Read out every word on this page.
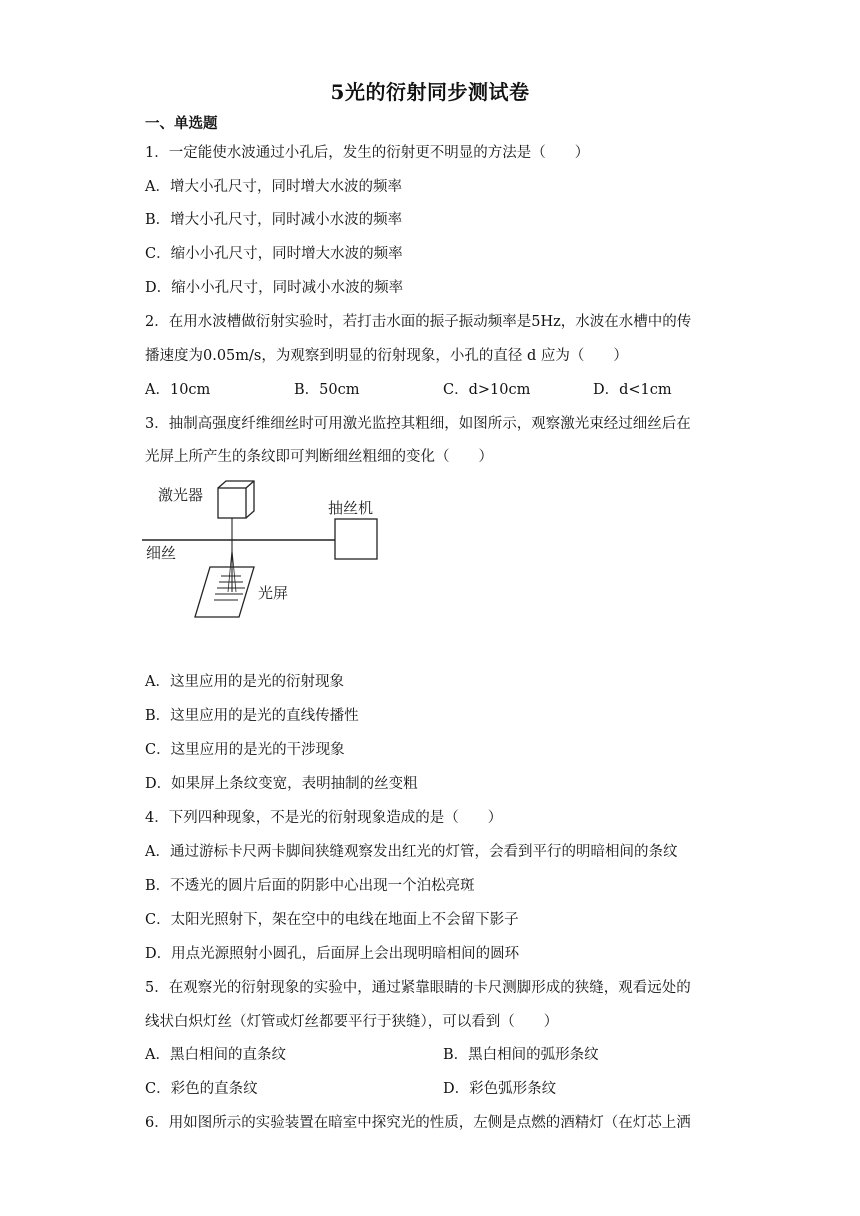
5光的衍射同步测试卷
一、单选题
1．一定能使水波通过小孔后，发生的衍射更不明显的方法是（　　）
A．增大小孔尺寸，同时增大水波的频率
B．增大小孔尺寸，同时减小水波的频率
C．缩小小孔尺寸，同时增大水波的频率
D．缩小小孔尺寸，同时减小水波的频率
2．在用水波槽做衍射实验时，若打击水面的振子振动频率是5Hz，水波在水槽中的传
播速度为0.05m/s，为观察到明显的衍射现象，小孔的直径 d 应为（　　）
A．10cm	B．50cm	C．d>10cm	D．d<1cm
3．抽制高强度纤维细丝时可用激光监控其粗细，如图所示，观察激光束经过细丝后在
光屏上所产生的条纹即可判断细丝粗细的变化（　　）
激光器
抽丝机
细丝
光屏
A．这里应用的是光的衍射现象
B．这里应用的是光的直线传播性
C．这里应用的是光的干涉现象
D．如果屏上条纹变宽，表明抽制的丝变粗
4．下列四种现象，不是光的衍射现象造成的是（　　）
A．通过游标卡尺两卡脚间狭缝观察发出红光的灯管，会看到平行的明暗相间的条纹
B．不透光的圆片后面的阴影中心出现一个泊松亮斑
C．太阳光照射下，架在空中的电线在地面上不会留下影子
D．用点光源照射小圆孔，后面屏上会出现明暗相间的圆环
5．在观察光的衍射现象的实验中，通过紧靠眼睛的卡尺测脚形成的狭缝，观看远处的
线状白炽灯丝（灯管或灯丝都要平行于狭缝），可以看到（　　）
A．黑白相间的直条纹	B．黑白相间的弧形条纹
C．彩色的直条纹	D．彩色弧形条纹
6．用如图所示的实验装置在暗室中探究光的性质，左侧是点燃的酒精灯（在灯芯上洒
